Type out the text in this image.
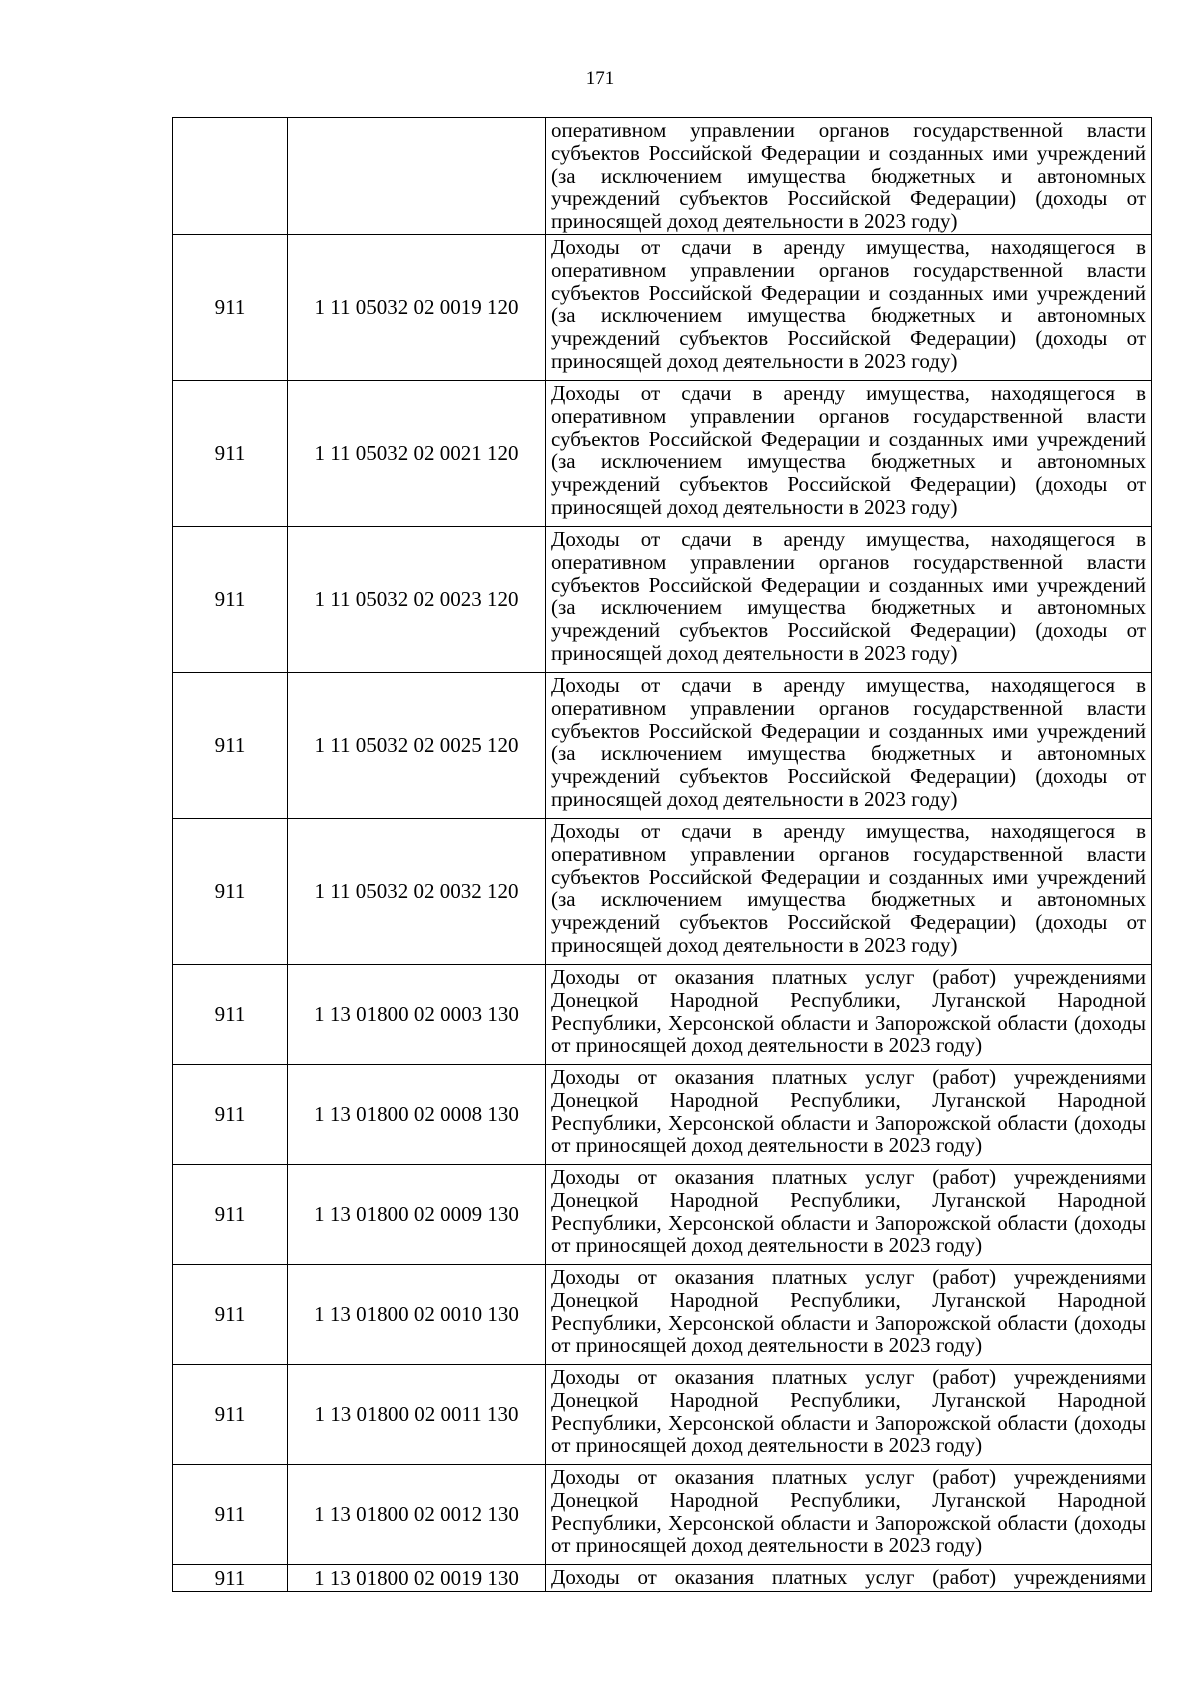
171
		оперативном управлении органов государственной власти субъектов Российской Федерации и созданных ими учреждений (за исключением имущества бюджетных и автономных учреждений субъектов Российской Федерации) (доходы от приносящей доход деятельности в 2023 году)
911	1 11 05032 02 0019 120	Доходы от сдачи в аренду имущества, находящегося в оперативном управлении органов государственной власти субъектов Российской Федерации и созданных ими учреждений (за исключением имущества бюджетных и автономных учреждений субъектов Российской Федерации) (доходы от приносящей доход деятельности в 2023 году)
911	1 11 05032 02 0021 120	Доходы от сдачи в аренду имущества, находящегося в оперативном управлении органов государственной власти субъектов Российской Федерации и созданных ими учреждений (за исключением имущества бюджетных и автономных учреждений субъектов Российской Федерации) (доходы от приносящей доход деятельности в 2023 году)
911	1 11 05032 02 0023 120	Доходы от сдачи в аренду имущества, находящегося в оперативном управлении органов государственной власти субъектов Российской Федерации и созданных ими учреждений (за исключением имущества бюджетных и автономных учреждений субъектов Российской Федерации) (доходы от приносящей доход деятельности в 2023 году)
911	1 11 05032 02 0025 120	Доходы от сдачи в аренду имущества, находящегося в оперативном управлении органов государственной власти субъектов Российской Федерации и созданных ими учреждений (за исключением имущества бюджетных и автономных учреждений субъектов Российской Федерации) (доходы от приносящей доход деятельности в 2023 году)
911	1 11 05032 02 0032 120	Доходы от сдачи в аренду имущества, находящегося в оперативном управлении органов государственной власти субъектов Российской Федерации и созданных ими учреждений (за исключением имущества бюджетных и автономных учреждений субъектов Российской Федерации) (доходы от приносящей доход деятельности в 2023 году)
911	1 13 01800 02 0003 130	Доходы от оказания платных услуг (работ) учреждениями Донецкой Народной Республики, Луганской Народной Республики, Херсонской области и Запорожской области (доходы от приносящей доход деятельности в 2023 году)
911	1 13 01800 02 0008 130	Доходы от оказания платных услуг (работ) учреждениями Донецкой Народной Республики, Луганской Народной Республики, Херсонской области и Запорожской области (доходы от приносящей доход деятельности в 2023 году)
911	1 13 01800 02 0009 130	Доходы от оказания платных услуг (работ) учреждениями Донецкой Народной Республики, Луганской Народной Республики, Херсонской области и Запорожской области (доходы от приносящей доход деятельности в 2023 году)
911	1 13 01800 02 0010 130	Доходы от оказания платных услуг (работ) учреждениями Донецкой Народной Республики, Луганской Народной Республики, Херсонской области и Запорожской области (доходы от приносящей доход деятельности в 2023 году)
911	1 13 01800 02 0011 130	Доходы от оказания платных услуг (работ) учреждениями Донецкой Народной Республики, Луганской Народной Республики, Херсонской области и Запорожской области (доходы от приносящей доход деятельности в 2023 году)
911	1 13 01800 02 0012 130	Доходы от оказания платных услуг (работ) учреждениями Донецкой Народной Республики, Луганской Народной Республики, Херсонской области и Запорожской области (доходы от приносящей доход деятельности в 2023 году)
911	1 13 01800 02 0019 130	Доходы от оказания платных услуг (работ) учреждениями
